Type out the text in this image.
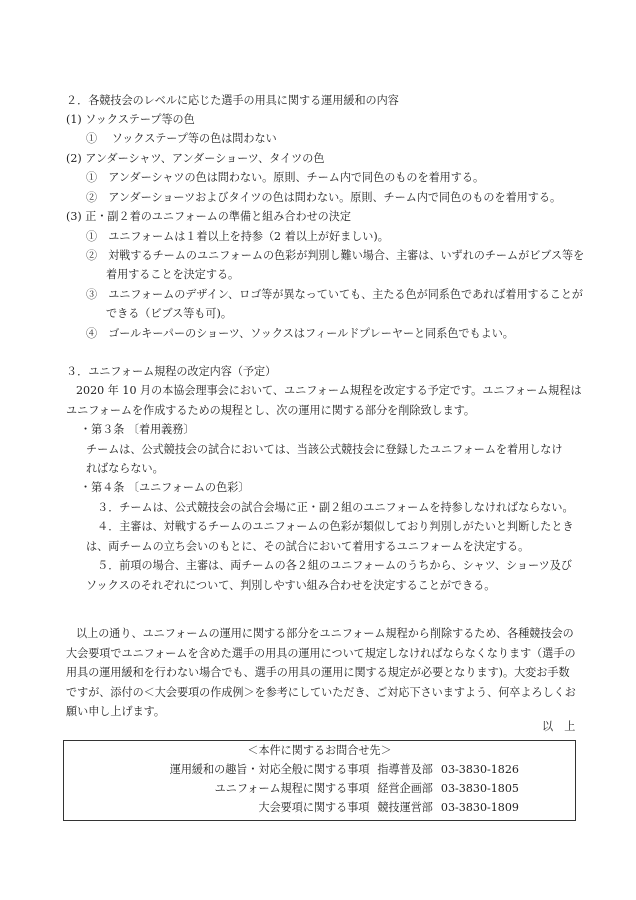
２．各競技会のレベルに応じた選手の用具に関する運用緩和の内容
(1) ソックステープ等の色
①　 ソックステープ等の色は問わない
(2) アンダーシャツ、アンダーショーツ、タイツの色
①　アンダーシャツの色は問わない。原則、チーム内で同色のものを着用する。
②　アンダーショーツおよびタイツの色は問わない。原則、チーム内で同色のものを着用する。
(3) 正・副２着のユニフォームの準備と組み合わせの決定
①　ユニフォームは１着以上を持参（2 着以上が好ましい)。
②　対戦するチームのユニフォームの色彩が判別し難い場合、主審は、いずれのチームがビブス等を
着用することを決定する。
③　ユニフォームのデザイン、ロゴ等が異なっていても、主たる色が同系色であれば着用することが
できる（ビブス等も可)。
④　ゴールキーパーのショーツ、ソックスはフィールドプレーヤーと同系色でもよい。
３．ユニフォーム規程の改定内容（予定）
2020 年 10 月の本協会理事会において、ユニフォーム規程を改定する予定です。ユニフォーム規程は
ユニフォームを作成するための規程とし、次の運用に関する部分を削除致します。
・第３条 〔着用義務〕
チームは、公式競技会の試合においては、当該公式競技会に登録したユニフォームを着用しなけ
ればならない。
・第４条 〔ユニフォームの色彩〕
　３．チームは、公式競技会の試合会場に正・副２組のユニフォームを持参しなければならない。
　４．主審は、対戦するチームのユニフォームの色彩が類似しており判別しがたいと判断したとき
は、両チームの立ち会いのもとに、その試合において着用するユニフォームを決定する。
　５．前項の場合、主審は、両チームの各２組のユニフォームのうちから、シャツ、ショーツ及び
ソックスのそれぞれについて、判別しやすい組み合わせを決定することができる。
以上の通り、ユニフォームの運用に関する部分をユニフォーム規程から削除するため、各種競技会の
大会要項でユニフォームを含めた選手の用具の運用について規定しなければならなくなります（選手の
用具の運用緩和を行わない場合でも、選手の用具の運用に関する規定が必要となります)。大変お手数
ですが、添付の＜大会要項の作成例＞を参考にしていただき、ご対応下さいますよう、何卒よろしくお
願い申し上げます。
以　上
＜本件に関するお問合せ先＞
運用緩和の趣旨・対応全般に関する事項 指導普及部 03-3830-1826
ユニフォーム規程に関する事項 経営企画部 03-3830-1805
大会要項に関する事項 競技運営部 03-3830-1809
